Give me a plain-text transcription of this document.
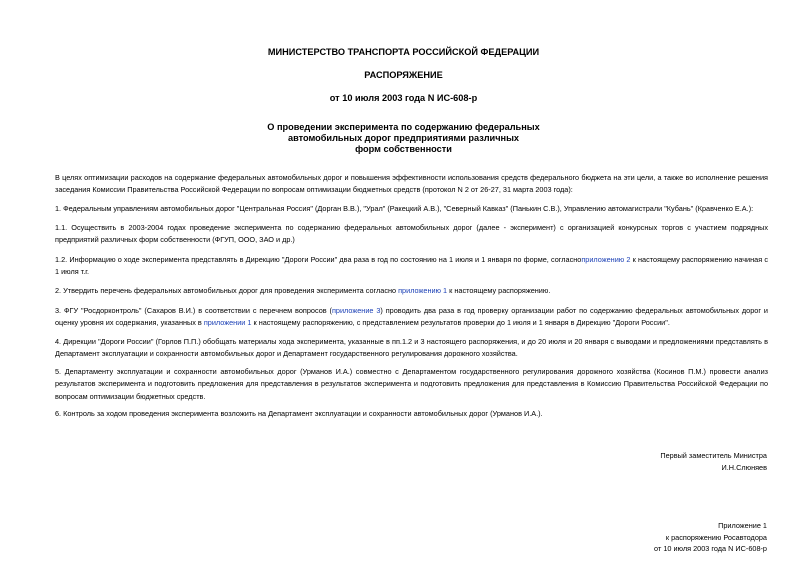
МИНИСТЕРСТВО ТРАНСПОРТА РОССИЙСКОЙ ФЕДЕРАЦИИ
РАСПОРЯЖЕНИЕ
от 10 июля 2003 года N ИС-608-р
О проведении эксперимента по содержанию федеральных
автомобильных дорог предприятиями различных
форм собственности
В целях оптимизации расходов на содержание федеральных автомобильных дорог и повышения эффективности использования средств федерального бюджета на эти цели, а также во исполнение решения заседания Комиссии Правительства Российской Федерации по вопросам оптимизации бюджетных средств (протокол N 2 от 26-27, 31 марта 2003 года):
1. Федеральным управлениям автомобильных дорог "Центральная Россия" (Дорган В.В.), "Урал" (Ракецкий А.В.), "Северный Кавказ" (Панькин С.В.), Управлению автомагистрали "Кубань" (Кравченко Е.А.):
1.1. Осуществить в 2003-2004 годах проведение эксперимента по содержанию федеральных автомобильных дорог (далее - эксперимент) с организацией конкурсных торгов с участием подрядных предприятий различных форм собственности (ФГУП, ООО, ЗАО и др.)
1.2. Информацию о ходе эксперимента представлять в Дирекцию "Дороги России" два раза в год по состоянию на 1 июля и 1 января по форме, согласноприложению 2 к настоящему распоряжению начиная с 1 июля т.г.
2. Утвердить перечень федеральных автомобильных дорог для проведения эксперимента согласно приложению 1 к настоящему распоряжению.
3. ФГУ "Росдорконтроль" (Сахаров В.И.) в соответствии с перечнем вопросов (приложение 3) проводить два раза в год проверку организации работ по содержанию федеральных автомобильных дорог и оценку уровня их содержания, указанных в приложении 1 к настоящему распоряжению, с представлением результатов проверки до 1 июля и 1 января в Дирекцию "Дороги России".
4. Дирекции "Дороги России" (Горлов П.П.) обобщать материалы хода эксперимента, указанные в пп.1.2 и 3 настоящего распоряжения, и до 20 июля и 20 января с выводами и предложениями представлять в Департамент эксплуатации и сохранности автомобильных дорог и Департамент государственного регулирования дорожного хозяйства.
5. Департаменту эксплуатации и сохранности автомобильных дорог (Урманов И.А.) совместно с Департаментом государственного регулирования дорожного хозяйства (Косинов П.М.) провести анализ результатов эксперимента и подготовить предложения для представления в результатов эксперимента и подготовить предложения для представления в Комиссию Правительства Российской Федерации по вопросам оптимизации бюджетных средств.
6. Контроль за ходом проведения эксперимента возложить на Департамент эксплуатации и сохранности автомобильных дорог (Урманов И.А.).
Первый заместитель Министра
И.Н.Слюняев
Приложение 1
к распоряжению Росавтодора
от 10 июля 2003 года N ИС-608-р
